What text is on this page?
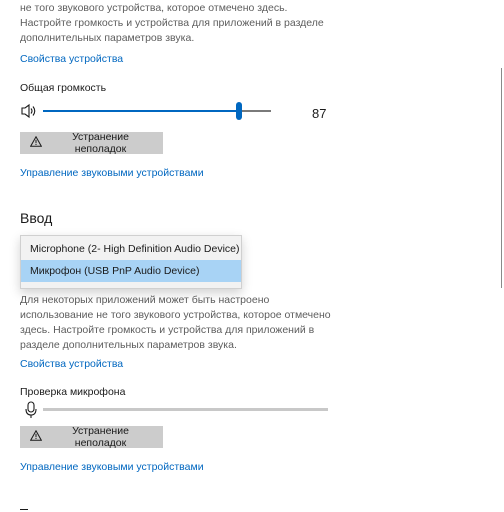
не того звукового устройства, которое отмечено здесь. Настройте громкость и устройства для приложений в разделе дополнительных параметров звука.
Свойства устройства
Общая громкость
87
Устранение неполадок
Управление звуковыми устройствами
Ввод
Для некоторых приложений может быть настроено использование не того звукового устройства, которое отмечено здесь. Настройте громкость и устройства для приложений в разделе дополнительных параметров звука.
Microphone (2- High Definition Audio Device)
Микрофон (USB PnP Audio Device)
Свойства устройства
Проверка микрофона
Устранение неполадок
Управление звуковыми устройствами
